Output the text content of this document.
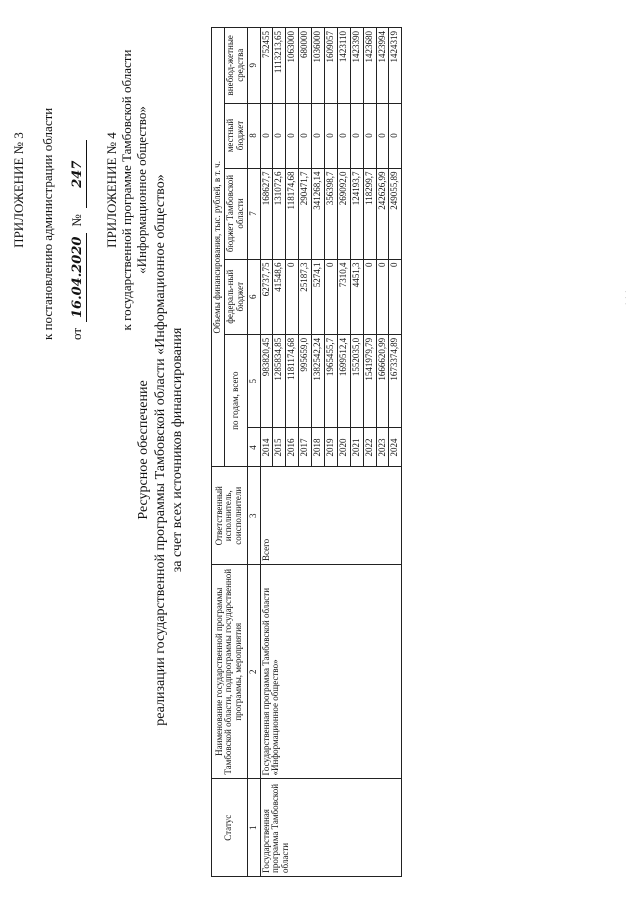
ПРИЛОЖЕНИЕ № 3 к постановлению администрации области от
16.04.2020
№
247 ПРИЛОЖЕНИЕ № 4 к государственной программе Тамбовской области «Информационное общество»
Ресурсное обеспечение реализации государственной программы Тамбовской области «Информационное общество» за счет всех источников финансирования
Статус	Наименование государственной программы Тамбовской области, подпрограммы государственной программы, мероприятия	Ответственный исполнитель, соисполнители	Объемы финансирования, тыс. рублей, в т. ч.					
			по годам, всего		федераль-ный бюджет	бюджет Тамбовской области	местный бюджет	внебюд-жетные средства
1	2	3	4	5	6	7	8	9
Государственная программа Тамбовской области	Государственная программа Тамбовской области «Информационное общество»	Всего	2014	983820,45	62737,75	168627,7	0	752455
			2015	1285834,85	41548,6	131072,6	0	1113213,65
			2016	1181174,68	0	118174,68	0	1063000
			2017	995659,0	25187,3	290471,7	0	680000
			2018	1382542,24	5274,1	341268,14	0	1036000
			2019	1965455,7	0	356398,7	0	1609057
			2020	1699512,4	7310,4	269092,0	0	1423110
			2021	1552035,0	4451,3	124193,7	0	1423390
			2022	1541979,79	0	118299,7	0	1423680
			2023	1666620,99	0	242626,99	0	1423994
			2024	1673374,89	0	249055,89	0	1424319
· · ·
